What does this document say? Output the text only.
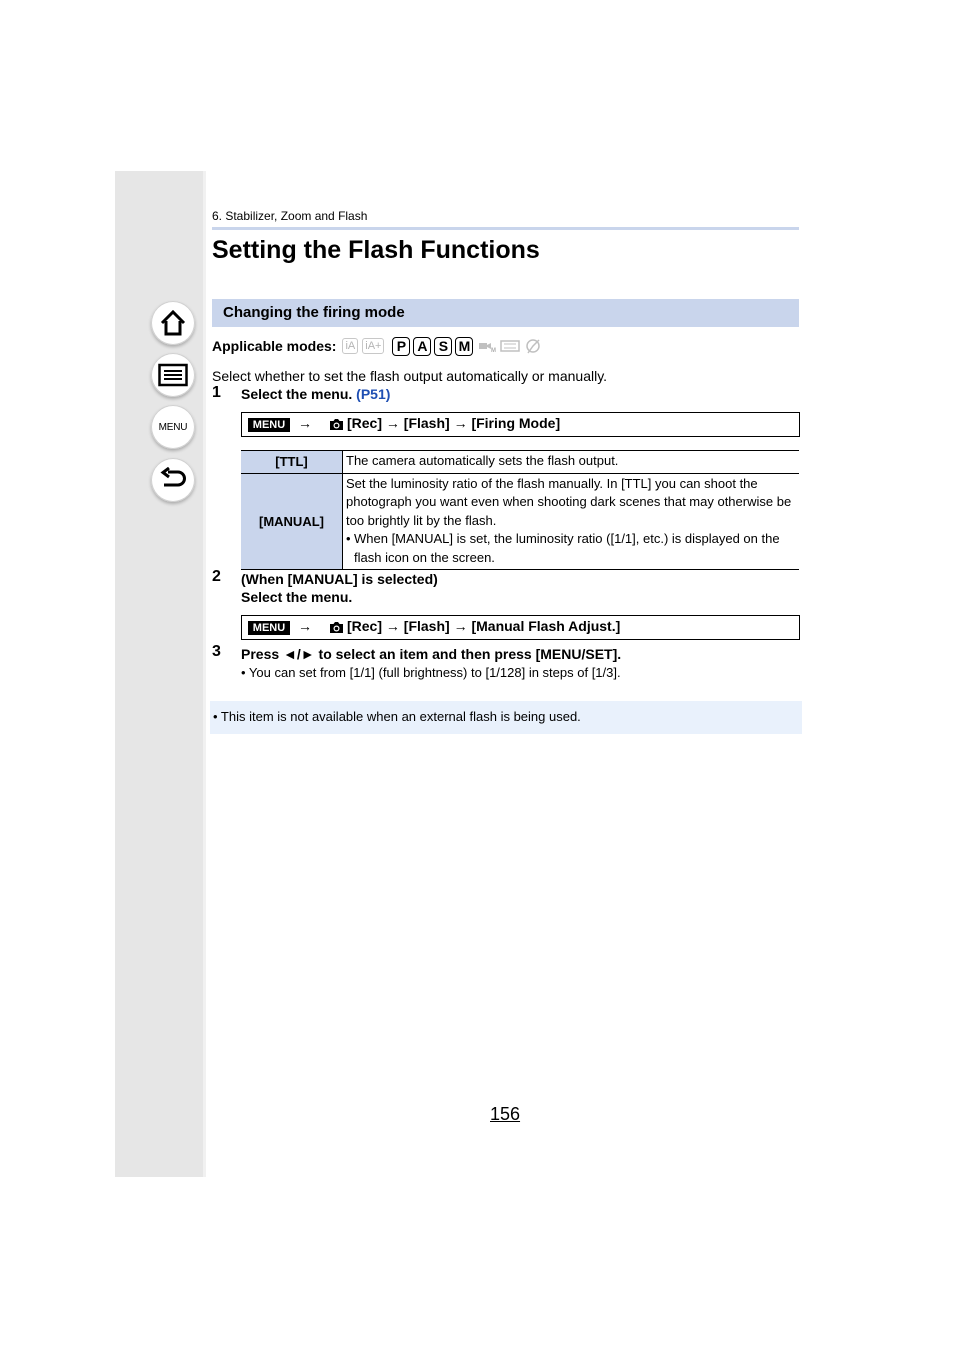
MENU
6. Stabilizer, Zoom and Flash
Setting the Flash Functions
Changing the firing mode
Applicable modes: iA iA+	P A S M	M
Select whether to set the flash output automatically or manually.
1 Select the menu. (P51)
MENU →	[Rec] → [Flash] → [Firing Mode]
[TTL]	The camera automatically sets the flash output.
[MANUAL]	Set the luminosity ratio of the flash manually. In [TTL] you can shoot the photograph you want even when shooting dark scenes that may otherwise be too brightly lit by the flash.
• When [MANUAL] is set, the luminosity ratio ([1/1], etc.) is displayed on the flash icon on the screen.
2 (When [MANUAL] is selected)
Select the menu.
MENU →	[Rec] → [Flash] → [Manual Flash Adjust.]
3 Press ◄/► to select an item and then press [MENU/SET].
• You can set from [1/1] (full brightness) to [1/128] in steps of [1/3].
• This item is not available when an external flash is being used.
156
